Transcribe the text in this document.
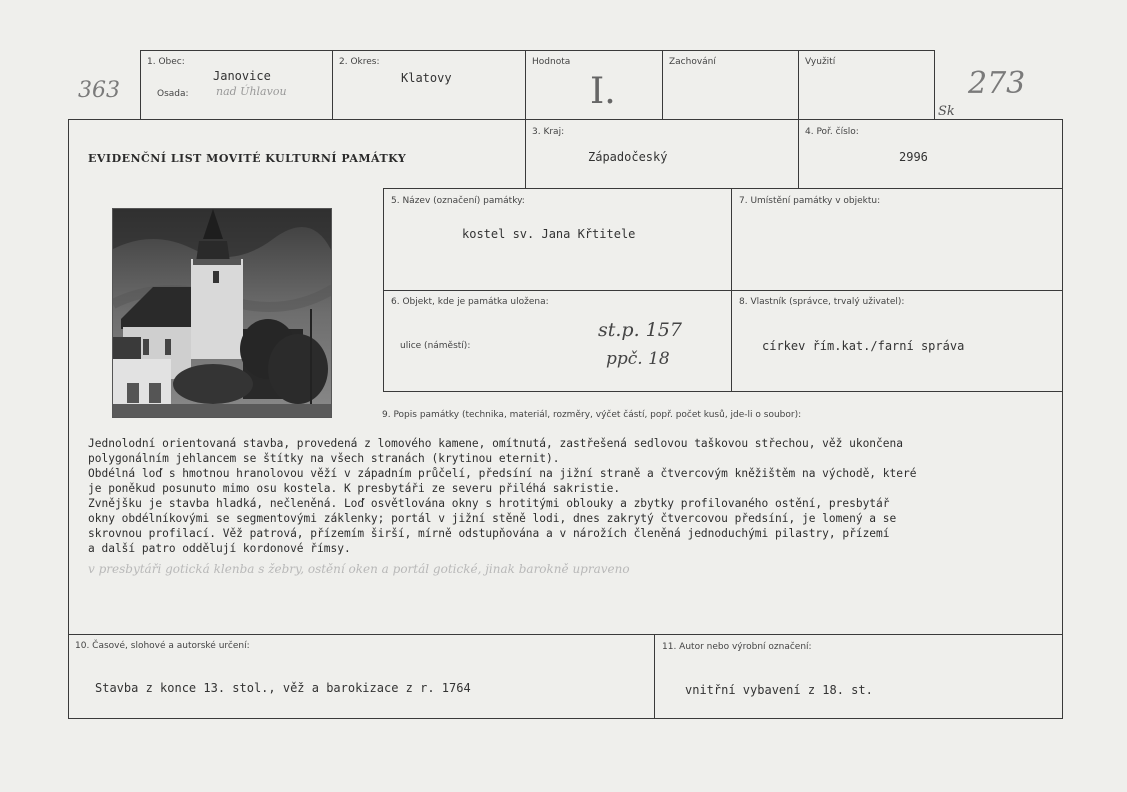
363	273
Sk
1. Obec:
Janovice
Osada: nad Úhlavou
2. Okres:
Klatovy
Hodnota
I.
Zachování	Využití
EVIDENČNÍ LIST MOVITÉ KULTURNÍ PAMÁTKY
3. Kraj:
Západočeský
4. Poř. číslo:
2996
5. Název (označení) památky:
kostel sv. Jana Křtitele
7. Umístění památky v objektu:
6. Objekt, kde je památka uložena:
ulice (náměstí):
st.p. 157
ppč. 18
8. Vlastník (správce, trvalý uživatel):
církev řím.kat./farní správa
9. Popis památky (technika, materiál, rozměry, výčet částí, popř. počet kusů, jde-li o soubor):
Jednolodní orientovaná stavba, provedená z lomového kamene, omítnutá, zastřešená sedlovou taškovou střechou, věž ukončena
polygonálním jehlancem se štítky na všech stranách (krytinou eternit).
Obdélná loď s hmotnou hranolovou věží v západním průčelí, předsíní na jižní straně a čtvercovým kněžištěm na východě, které
je poněkud posunuto mimo osu kostela. K presbytáři ze severu přiléhá sakristie.
Zvnějšku je stavba hladká, nečleněná. Loď osvětlována okny s hrotitými oblouky a zbytky profilovaného ostění, presbytář
okny obdélníkovými se segmentovými záklenky; portál v jižní stěně lodi, dnes zakrytý čtvercovou předsíní, je lomený a se
skrovnou profilací. Věž patrová, přízemím širší, mírně odstupňována a v nárožích členěná jednoduchými pilastry, přízemí
a další patro oddělují kordonové římsy.
v presbytáři gotická klenba s žebry, ostění oken a portál gotické, jinak barokně upraveno
10. Časové, slohové a autorské určení:
Stavba z konce 13. stol., věž a barokizace z r. 1764
11. Autor nebo výrobní označení:
vnitřní vybavení z 18. st.
